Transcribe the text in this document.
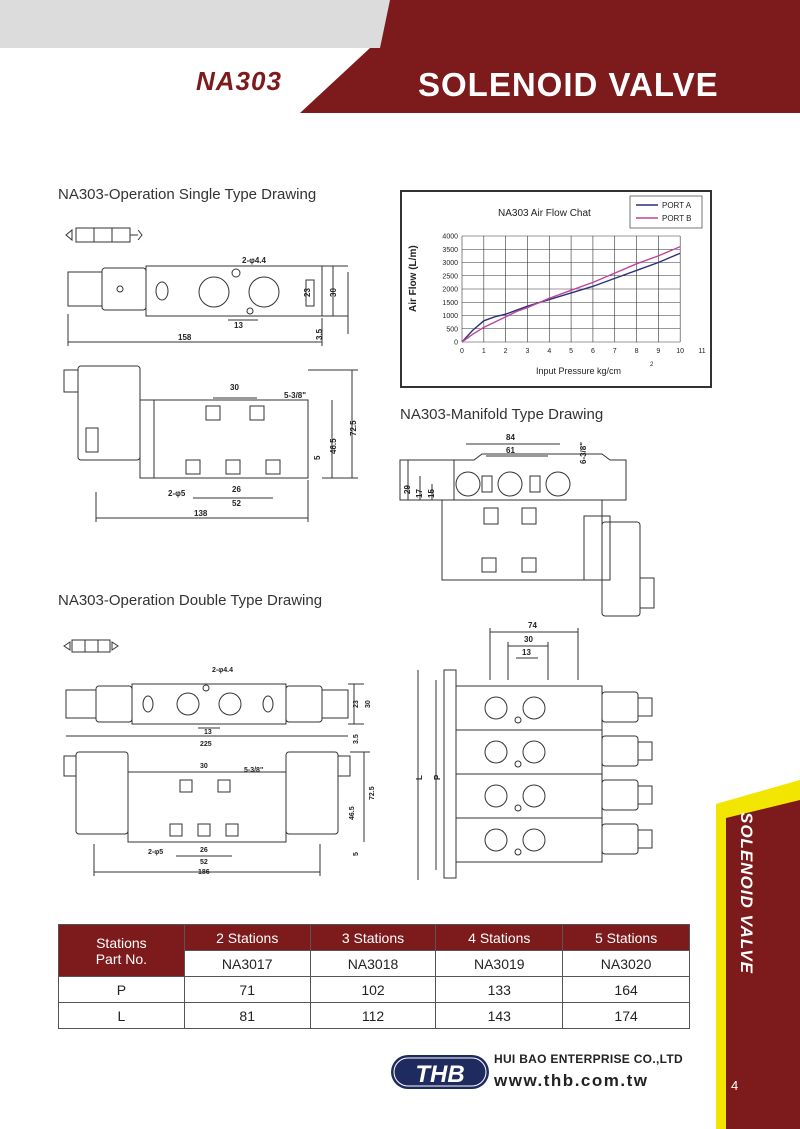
NA303	SOLENOID VALVE
NA303-Operation Single Type Drawing
NA303-Manifold Type Drawing
NA303-Operation Double Type Drawing
2-φ4.4
23 30
13
3.5
158
30
5-3/8"
72.5
46.5
5
2-φ5	26
52
138
0	1	2	3	4	5	6	7	8	9 10 11
0
500
1000
1500
2000
2500
3000
3500
4000
NA303 Air Flow Chat
Air Flow (L/m)
Input Pressure kg/cm
2
PORT A
PORT B
84
61	6-3/8"
29 17 15
74
30
13
L P
2-φ4.4
23 30
13
3.5
225
30
5-3/8"
72.5
46.5
5
2-φ5	26
52
186
Stations
Part No.	2 Stations	3 Stations	4 Stations	5 Stations
	NA3017	NA3018	NA3019	NA3020
P	71	102	133	164
L	81	112	143	174
SOLENOID VALVE
4
THB
HUI BAO ENTERPRISE CO.,LTD
www.thb.com.tw
